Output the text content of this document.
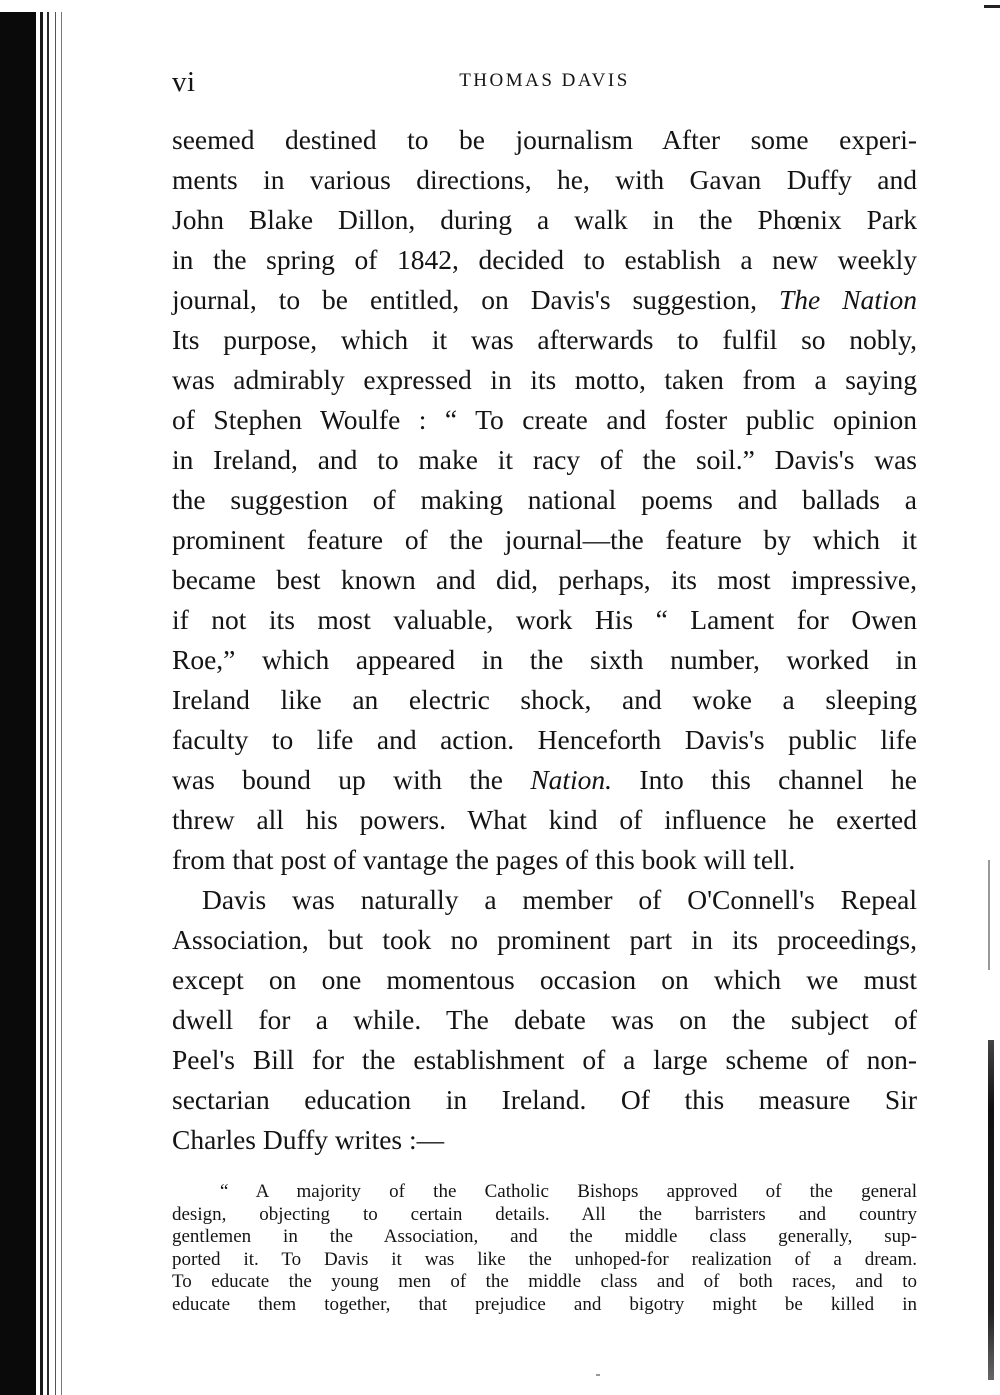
vi	THOMAS DAVIS
seemed destined to be journalism After some experi-
ments in various directions, he, with Gavan Duffy and
John Blake Dillon, during a walk in the Phœnix Park
in the spring of 1842, decided to establish a new weekly
journal, to be entitled, on Davis's suggestion, The Nation
Its purpose, which it was afterwards to fulfil so nobly,
was admirably expressed in its motto, taken from a saying
of Stephen Woulfe : “ To create and foster public opinion
in Ireland, and to make it racy of the soil.” Davis's was
the suggestion of making national poems and ballads a
prominent feature of the journal—the feature by which it
became best known and did, perhaps, its most impressive,
if not its most valuable, work His “ Lament for Owen
Roe,” which appeared in the sixth number, worked in
Ireland like an electric shock, and woke a sleeping
faculty to life and action. Henceforth Davis's public life
was bound up with the Nation. Into this channel he
threw all his powers. What kind of influence he exerted
from that post of vantage the pages of this book will tell.
Davis was naturally a member of O'Connell's Repeal
Association, but took no prominent part in its proceedings,
except on one momentous occasion on which we must
dwell for a while. The debate was on the subject of
Peel's Bill for the establishment of a large scheme of non-
sectarian education in Ireland. Of this measure Sir
Charles Duffy writes :—
“ A majority of the Catholic Bishops approved of the general
design, objecting to certain details. All the barristers and country
gentlemen in the Association, and the middle class generally, sup-
ported it. To Davis it was like the unhoped-for realization of a dream.
To educate the young men of the middle class and of both races, and to
educate them together, that prejudice and bigotry might be killed in
